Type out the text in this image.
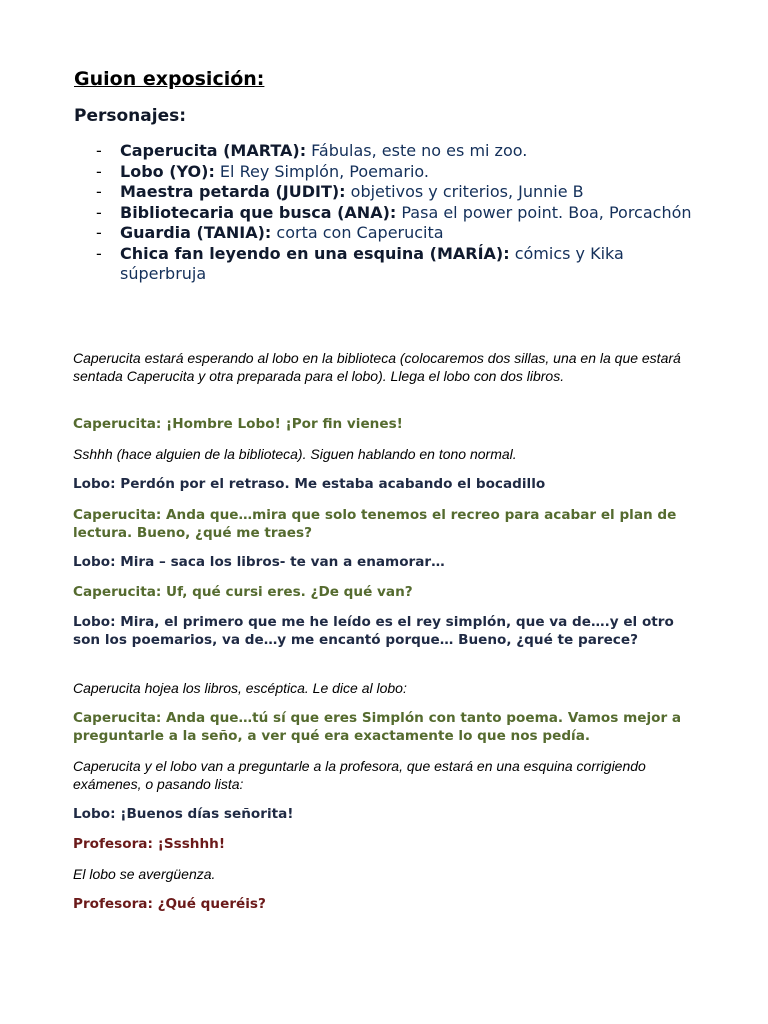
Guion exposición:
Personajes:
- Caperucita (MARTA): Fábulas, este no es mi zoo.
- Lobo (YO): El Rey Simplón, Poemario.
- Maestra petarda (JUDIT): objetivos y criterios, Junnie B
- Bibliotecaria que busca (ANA): Pasa el power point. Boa, Porcachón
- Guardia (TANIA): corta con Caperucita
- Chica fan leyendo en una esquina (MARÍA): cómics y Kika súperbruja

Caperucita estará esperando al lobo en la biblioteca (colocaremos dos sillas, una en la que estará sentada Caperucita y otra preparada para el lobo). Llega el lobo con dos libros.

Caperucita: ¡Hombre Lobo! ¡Por fin vienes!

Sshhh (hace alguien de la biblioteca). Siguen hablando en tono normal.

Lobo: Perdón por el retraso. Me estaba acabando el bocadillo

Caperucita: Anda que…mira que solo tenemos el recreo para acabar el plan de lectura. Bueno, ¿qué me traes?

Lobo: Mira – saca los libros- te van a enamorar…

Caperucita: Uf, qué cursi eres. ¿De qué van?

Lobo: Mira, el primero que me he leído es el rey simplón, que va de….y el otro son los poemarios, va de…y me encantó porque… Bueno, ¿qué te parece?

Caperucita hojea los libros, escéptica. Le dice al lobo:

Caperucita: Anda que…tú sí que eres Simplón con tanto poema. Vamos mejor a preguntarle a la seño, a ver qué era exactamente lo que nos pedía.

Caperucita y el lobo van a preguntarle a la profesora, que estará en una esquina corrigiendo exámenes, o pasando lista:

Lobo: ¡Buenos días señorita!

Profesora: ¡Ssshhh!

El lobo se avergüenza.

Profesora: ¿Qué queréis?
